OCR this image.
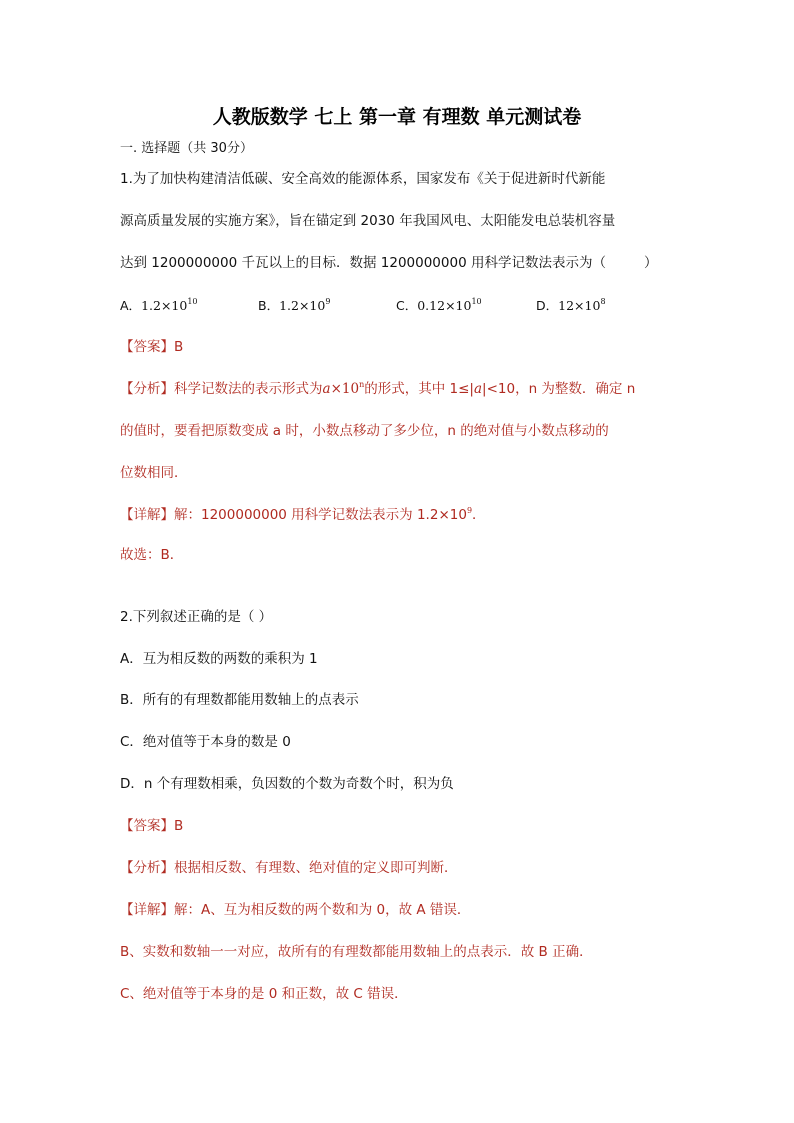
人教版数学 七上 第一章 有理数 单元测试卷
一. 选择题（共 30分）
1.为了加快构建清洁低碳、安全高效的能源体系，国家发布《关于促进新时代新能
源高质量发展的实施方案》，旨在锚定到 2030 年我国风电、太阳能发电总装机容量
达到 1200000000 千瓦以上的目标．数据 1200000000 用科学记数法表示为（	）
A．$1.2\times 10^{10}$	B．$1.2\times 10^9$	C．$0.12\times 10^{10}$	D．$12\times 10^8$
【答案】B
【分析】科学记数法的表示形式为$a\times 10^n$的形式，其中 1≤|a|<10，n 为整数．确定 n
的值时，要看把原数变成 a 时，小数点移动了多少位，n 的绝对值与小数点移动的
位数相同．
【详解】解：1200000000 用科学记数法表示为 $1.2\times 10^9$．
故选：B．
2.下列叙述正确的是（ ）
A．互为相反数的两数的乘积为 1
B．所有的有理数都能用数轴上的点表示
C．绝对值等于本身的数是 0
D．n 个有理数相乘，负因数的个数为奇数个时，积为负
【答案】B
【分析】根据相反数、有理数、绝对值的定义即可判断．
【详解】解：A、互为相反数的两个数和为 0，故 A 错误．
B、实数和数轴一一对应，故所有的有理数都能用数轴上的点表示．故 B 正确．
C、绝对值等于本身的是 0 和正数，故 C 错误．
